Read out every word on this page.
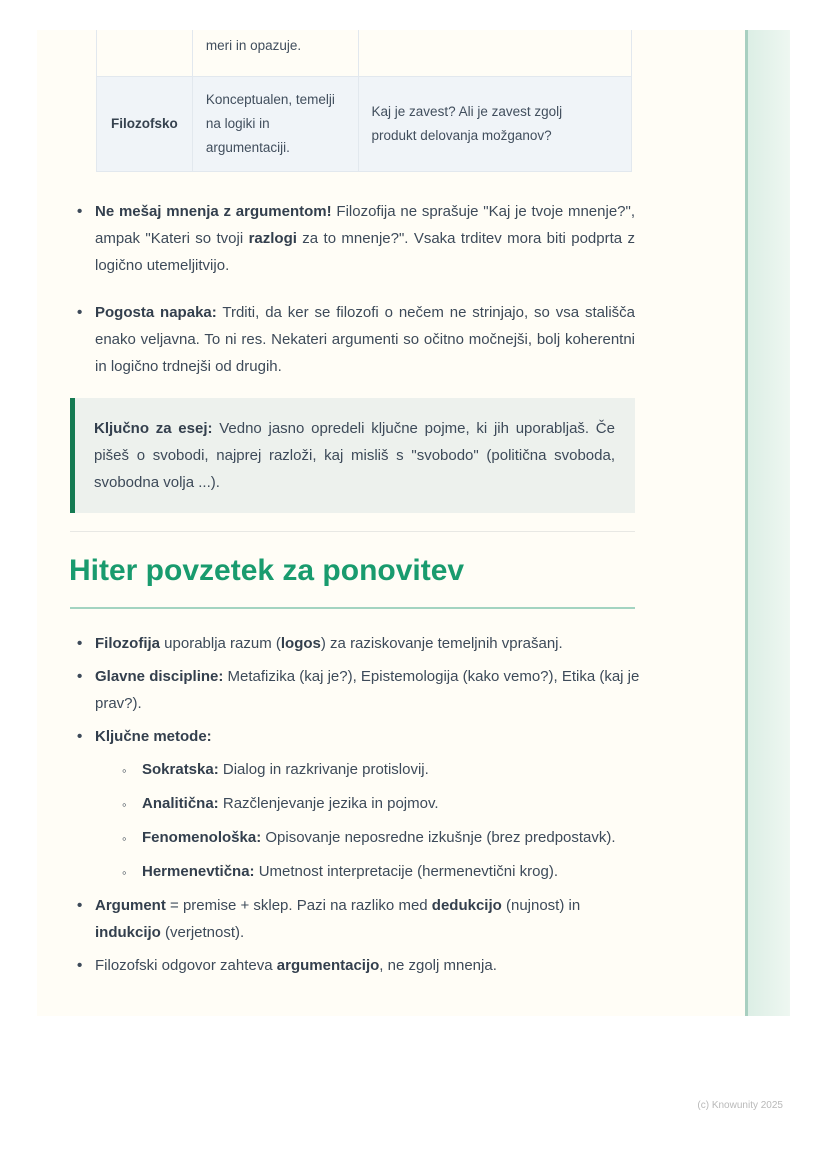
meri in opazuje.
Filozofsko
Konceptualen, temelji na logiki in argumentaciji.
Kaj je zavest? Ali je zavest zgolj produkt delovanja možganov?
• Ne mešaj mnenja z argumentom! Filozofija ne sprašuje "Kaj je tvoje mnenje?", ampak "Kateri so tvoji razlogi za to mnenje?". Vsaka trditev mora biti podprta z logično utemeljitvijo.
• Pogosta napaka: Trditi, da ker se filozofi o nečem ne strinjajo, so vsa stališča enako veljavna. To ni res. Nekateri argumenti so očitno močnejši, bolj koherentni in logično trdnejši od drugih.
Ključno za esej: Vedno jasno opredeli ključne pojme, ki jih uporabljaš. Če pišeš o svobodi, najprej razloži, kaj misliš s "svobodo" (politična svoboda, svobodna volja ...).
Hiter povzetek za ponovitev
• Filozofija uporablja razum (logos) za raziskovanje temeljnih vprašanj.
• Glavne discipline: Metafizika (kaj je?), Epistemologija (kako vemo?), Etika (kaj je prav?).
• Ključne metode:
◦ Sokratska: Dialog in razkrivanje protislovij.
◦ Analitična: Razčlenjevanje jezika in pojmov.
◦ Fenomenološka: Opisovanje neposredne izkušnje (brez predpostavk).
◦ Hermenevtična: Umetnost interpretacije (hermenevtični krog).
• Argument = premise + sklep. Pazi na razliko med dedukcijo (nujnost) in indukcijo (verjetnost).
• Filozofski odgovor zahteva argumentacijo, ne zgolj mnenja.
(c) Knowunity 2025
